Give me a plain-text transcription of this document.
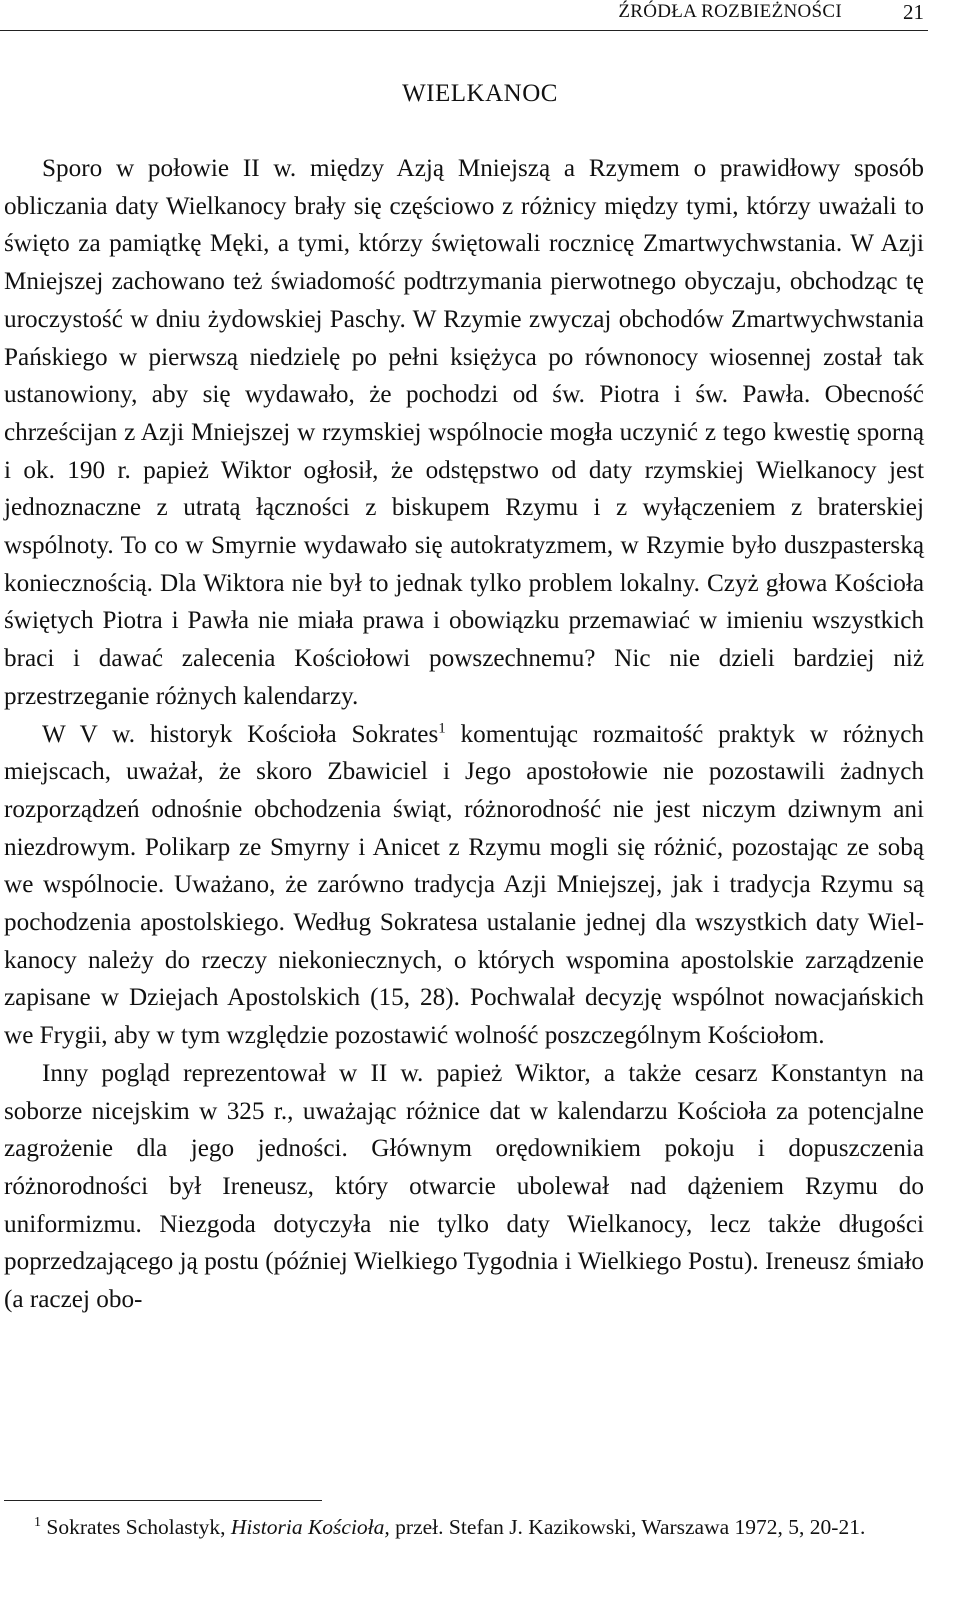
ŹRÓDŁA ROZBIEŻNOŚCI	21
WIELKANOC

Sporo w połowie II w. między Azją Mniejszą a Rzymem o prawidłowy sposób obliczania daty Wielkanocy brały się częściowo z różnicy między tymi, którzy uważali to święto za pamiątkę Męki, a tymi, którzy świętowali rocznicę Zmartwychwstania. W Azji Mniejszej zachowano też świadomość podtrzymania pierwotnego obyczaju, obchodząc tę uroczystość w dniu żydowskiej Paschy. W Rzymie zwyczaj obchodów Zmartwychwstania Pańskiego w pierwszą niedzielę po pełni księżyca po równonocy wiosennej został tak ustanowiony, aby się wydawało, że pochodzi od św. Piotra i św. Pawła. Obecność chrześcijan z Azji Mniejszej w rzymskiej wspólnocie mogła uczynić z tego kwestię sporną i ok. 190 r. papież Wiktor ogłosił, że odstępstwo od daty rzymskiej Wielkanocy jest jednoznaczne z utratą łączności z biskupem Rzymu i z wyłączeniem z braterskiej wspólnoty. To co w Smyrnie wydawało się autokratyzmem, w Rzymie było duszpasterską koniecznością. Dla Wiktora nie był to jednak tylko problem lokalny. Czyż głowa Kościoła świętych Piotra i Pawła nie miała prawa i obowiązku przemawiać w imieniu wszystkich braci i dawać zalecenia Kościołowi powszechnemu? Nic nie dzieli bardziej niż przestrzeganie różnych kalendarzy.

W V w. historyk Kościoła Sokrates$^1$ komentując rozmaitość praktyk w różnych miejscach, uważał, że skoro Zbawiciel i Jego apostołowie nie pozostawili żadnych rozporządzeń odnośnie obchodzenia świąt, różnorodność nie jest niczym dziwnym ani niezdrowym. Polikarp ze Smyrny i Anicet z Rzymu mogli się różnić, pozostając ze sobą we wspólnocie. Uważano, że zarówno tradycja Azji Mniejszej, jak i tradycja Rzymu są pochodzenia apostolskiego. Według Sokratesa ustalanie jednej dla wszystkich daty Wielkanocy należy do rzeczy niekoniecznych, o których wspomina apostolskie zarządzenie zapisane w Dziejach Apostolskich (15, 28). Pochwalał decyzję wspólnot nowacjańskich we Frygii, aby w tym względzie pozostawić wolność poszczególnym Kościołom.

Inny pogląd reprezentował w II w. papież Wiktor, a także cesarz Konstantyn na soborze nicejskim w 325 r., uważając różnice dat w kalendarzu Kościoła za potencjalne zagrożenie dla jego jedności. Głównym orędownikiem pokoju i dopuszczenia różnorodności był Ireneusz, który otwarcie ubolewał nad dążeniem Rzymu do uniformizmu. Niezgoda dotyczyła nie tylko daty Wielkanocy, lecz także długości poprzedzającego ją postu (później Wielkiego Tygodnia i Wielkiego Postu). Ireneusz śmiało (a raczej obo-

$^1$ Sokrates Scholastyk, Historia Kościoła, przeł. Stefan J. Kazikowski, Warszawa 1972, 5, 20-21.
